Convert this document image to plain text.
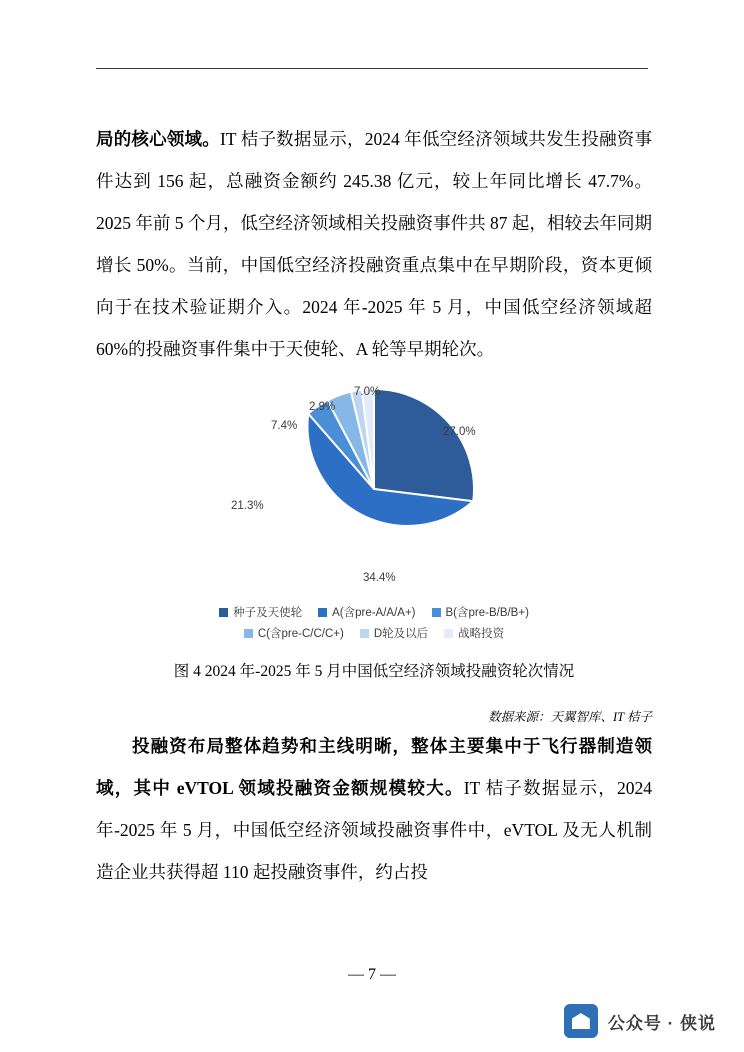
局的核心领域。IT 桔子数据显示，2024 年低空经济领域共发生投融资事件达到 156 起，总融资金额约 245.38 亿元，较上年同比增长 47.7%。2025 年前 5 个月，低空经济领域相关投融资事件共 87 起，相较去年同期增长 50%。当前，中国低空经济投融资重点集中在早期阶段，资本更倾向于在技术验证期介入。2024 年-2025 年 5 月，中国低空经济领域超 60%的投融资事件集中于天使轮、A 轮等早期轮次。

27.0%
34.4%
21.3%
7.4%
2.9%
7.0%
种子及天使轮	A(含pre-A/A/A+)	B(含pre-B/B/B+)
C(含pre-C/C/C+)	D轮及以后	战略投资

图 4 2024 年-2025 年 5 月中国低空经济领域投融资轮次情况

数据来源：天翼智库、IT 桔子

投融资布局整体趋势和主线明晰，整体主要集中于飞行器制造领域，其中 eVTOL 领域投融资金额规模较大。IT 桔子数据显示，2024 年-2025 年 5 月，中国低空经济领域投融资事件中，eVTOL 及无人机制造企业共获得超 110 起投融资事件，约占投

— 7 —
公众号 · 侠说
